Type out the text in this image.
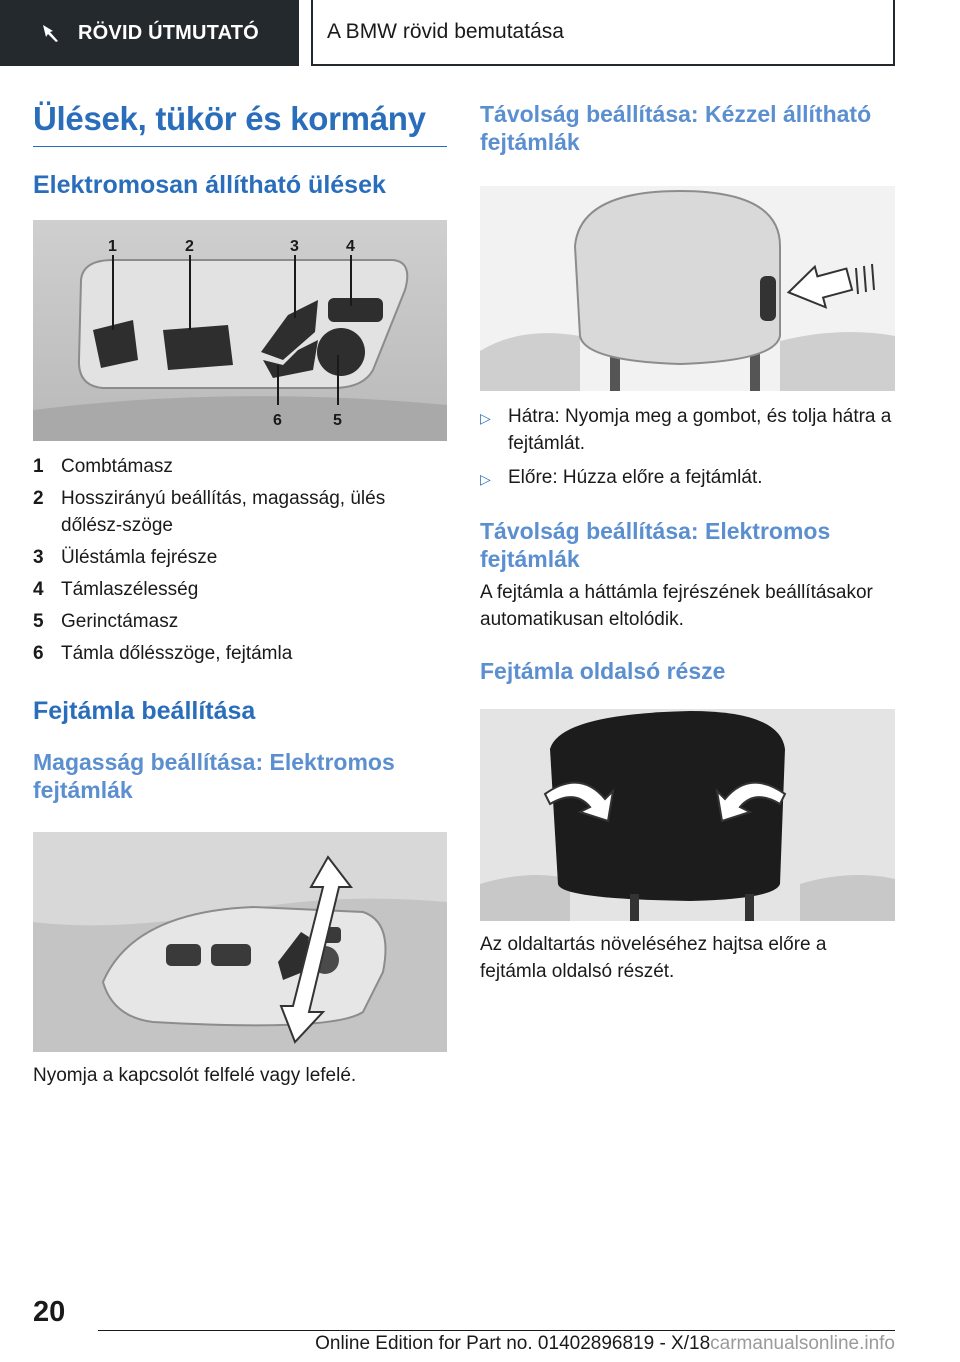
RÖVID ÚTMUTATÓ	A BMW rövid bemutatása
Ülések, tükör és kormány
Elektromosan állítható ülések
1	2	3	4
6	5
1 Combtámasz
2 Hosszirányú beállítás, magasság, ülés dőlész‐szöge
3 Üléstámla fejrésze
4 Támlaszélesség
5 Gerinctámasz
6 Támla dőlésszöge, fejtámla
Fejtámla beállítása
Magasság beállítása: Elektromos fejtámlák
Nyomja a kapcsolót felfelé vagy lefelé.
Távolság beállítása: Kézzel állítható fejtámlák
▷ Hátra: Nyomja meg a gombot, és tolja hátra a fejtámlát.
▷ Előre: Húzza előre a fejtámlát.
Távolság beállítása: Elektromos fejtámlák
A fejtámla a háttámla fejrészének beállításakor automatikusan eltolódik.
Fejtámla oldalsó része
Az oldaltartás növeléséhez hajtsa előre a fejtámla oldalsó részét.
20
Online Edition for Part no. 01402896819 - X/18carmanualsonline.info
